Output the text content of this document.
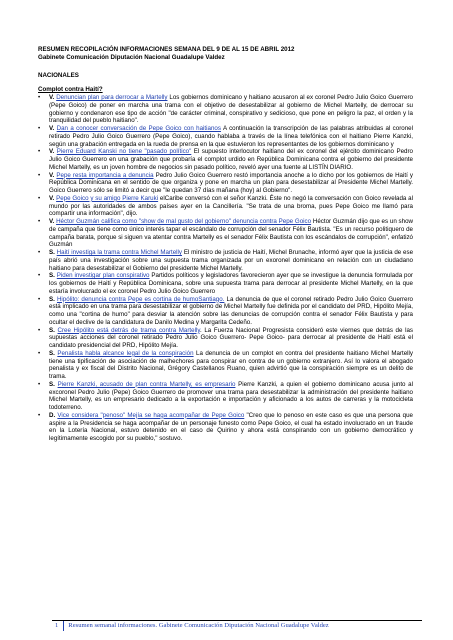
RESUMEN RECOPILACIÓN INFORMACIONES SEMANA DEL 9 DE AL 15 DE ABRIL 2012

Gabinete Comunicación Diputación Nacional Guadalupe Valdez

NACIONALES

Complot contra Haití?

• V. Denuncian plan para derrocar a Martelly Los gobiernos dominicano y haitiano acusaron al ex coronel Pedro Julio Goico Guerrero (Pepe Goico) de poner en marcha una trama con el objetivo de desestabilizar al gobierno de Michel Martelly, de derrocar su gobierno y condenaron ese tipo de acción "de carácter criminal, conspirativo y sedicioso, que pone en peligro la paz, el orden y la tranquilidad del pueblo haitiano".
• V. Dan a conocer conversación de Pepe Goico con haitianos A continuación la transcripción de las palabras atribuidas al coronel retirado Pedro Julio Goico Guerrero (Pepe Goico), cuando hablaba a través de la línea telefónica con el haitiano Pierre Kanzki, según una grabación entregada en la rueda de prensa en la que estuvieron los representantes de los gobiernos dominicano y
• V. Pierre Eduard Kanski no tiene "pasado político" El supuesto interlocutor haitiano del ex coronel del ejército dominicano Pedro Julio Goico Guerrero en una grabación que probaría el complot urdido en República Dominicana contra el gobierno del presidente Michel Martelly, es un joven hombre de negocios sin pasado político, reveló ayer una fuente al LISTÍN DIARIO.
• V. Pepe resta importancia a denuncia Pedro Julio Goico Guerrero restó importancia anoche a lo dicho por los gobiernos de Haití y República Dominicana en el sentido de que organiza y pone en marcha un plan para desestabilizar al Presidente Michel Martelly. Goico Guerrero sólo se limitó a decir que "le quedan 37 días mañana (hoy) al Gobierno".
• V. Pepe Goico y su amigo Pierre Karuki elCaribe conversó con el señor Kanzki. Éste no negó la conversación con Goico revelada al mundo por las autoridades de ambos países ayer en la Cancillería. "Se trata de una broma, pues Pepe Goico me llamó para compartir una información", dijo.
• V. Héctor Guzmán califica como "show de mal gusto del gobierno" denuncia contra Pepe Goico Héctor Guzmán dijo que es un show de campaña que tiene como único interés tapar el escándalo de corrupción del senador Félix Bautista. "Es un recurso politiquero de campaña barata, porque si siguen va atentar contra Martelly es el senador Félix Bautista con los escándalos de corrupción", enfatizó Guzmán
• S. Haití investiga la trama contra Michel Martelly El ministro de justicia de Haití, Michel Brunache, informó ayer que la justicia de ese país abrió una investigación sobre una supuesta trama organizada por un exoronel dominicano en relación con un ciudadano haitiano para desestabilizar el Gobierno del presidente Michel Martelly.
• S. Piden investigar plan conspirativo Partidos políticos y legisladores favorecieron ayer que se investigue la denuncia formulada por los gobiernos de Haití y República Dominicana, sobre una supuesta trama para derrocar al presidente Michel Martelly, en la que estaría involucrado el ex coronel Pedro Julio Goico Guerrero
• S. Hipólito: denuncia contra Pepe es cortina de humoSantiago. La denuncia de que el coronel retirado Pedro Julio Goico Guerrero está implicado en una trama para desestabilizar el gobierno de Michel Martelly fue definida por el candidato del PRD, Hipólito Mejía, como una "cortina de humo" para desviar la atención sobre las denuncias de corrupción contra el senador Félix Bautista y para ocultar el declive de la candidatura de Danilo Medina y Margarita Cedeño.
• S. Cree Hipólito está detrás de trama contra Martelly. La Fuerza Nacional Progresista consideró este viernes que detrás de las supuestas acciones del coronel retirado Pedro Julio Goico Guerrero- Pepe Goico- para derrocar al presidente de Haití está el candidato presidencial del PRD, Hipólito Mejía.
• S. Penalista habla alcance legal de la conspiración La denuncia de un complot en contra del presidente haitiano Michel Martelly tiene una tipificación de asociación de malhechores para conspirar en contra de un gobierno extranjero. Así lo valora el abogado penalista y ex fiscal del Distrito Nacional, Grégory Castellanos Ruano, quien advirtió que la conspiración siempre es un delito de trama.
• S. Pierre Kanzki, acusado de plan contra Martelly, es empresario Pierre Kanzki, a quien el gobierno dominicano acusa junto al excoronel Pedro Julio (Pepe) Goico Guerrero de promover una trama para desestabilizar la administración del presidente haitiano Michel Martelly, es un empresario dedicado a la exportación e importación y aficionado a los autos de carreras y la motocicleta todoterreno.
• D. Vice considera "penoso" Mejía se haga acompañar de Pepe Goico "Creo que lo penoso en este caso es que una persona que aspire a la Presidencia se haga acompañar de un personaje funesto como Pepe Goico, el cual ha estado involucrado en un fraude en la Lotería Nacional, estuvo detenido en el caso de Quirino y ahora está conspirando con un gobierno democrático y legítimamente escogido por su pueblo," sostuvo.
1 Resumen semanal informaciones. Gabinete Comunicación Diputación Nacional Guadalupe Valdez
